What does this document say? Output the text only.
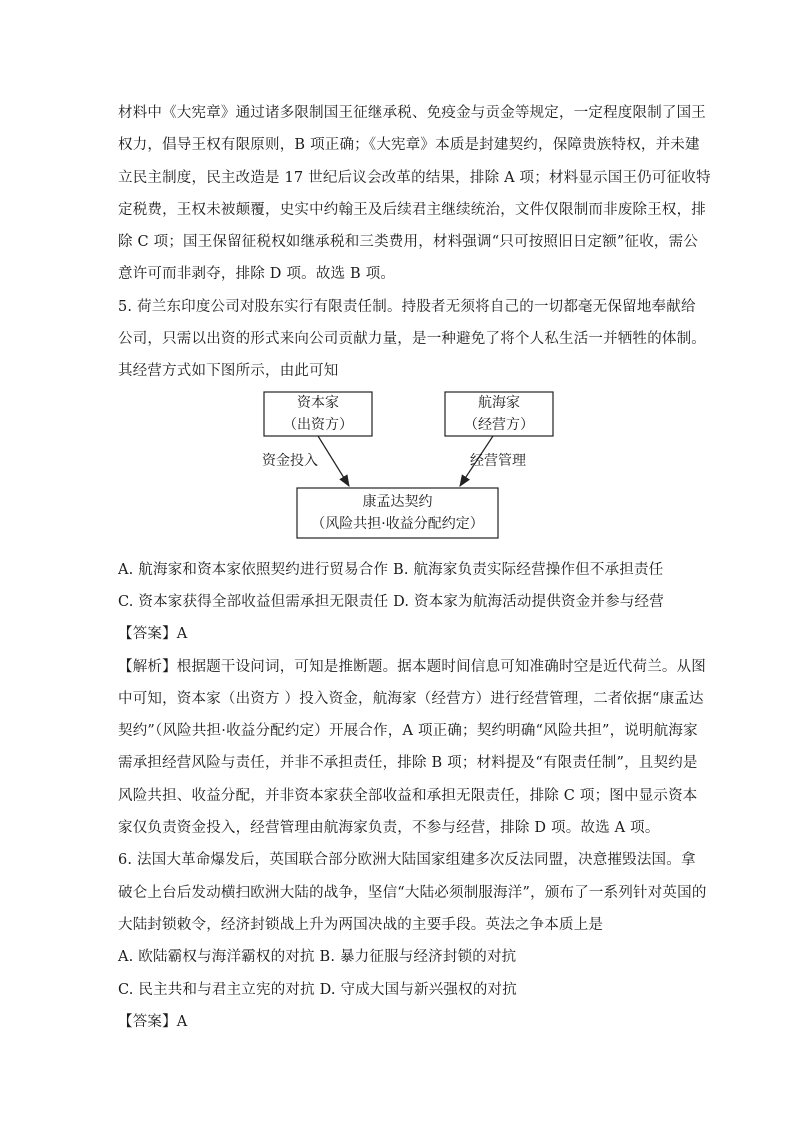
材料中《大宪章》通过诸多限制国王征继承税、免疫金与贡金等规定，一定程度限制了国王
权力，倡导王权有限原则，B 项正确；《大宪章》本质是封建契约，保障贵族特权，并未建
立民主制度，民主改造是 17 世纪后议会改革的结果，排除 A 项；材料显示国王仍可征收特
定税费，王权未被颠覆，史实中约翰王及后续君主继续统治，文件仅限制而非废除王权，排
除 C 项；国王保留征税权如继承税和三类费用，材料强调“只可按照旧日定额”征收，需公
意许可而非剥夺，排除 D 项。故选 B 项。
5. 荷兰东印度公司对股东实行有限责任制。持股者无须将自己的一切都毫无保留地奉献给
公司，只需以出资的形式来向公司贡献力量，是一种避免了将个人私生活一并牺牲的体制。
其经营方式如下图所示，由此可知
资本家
（出资方）
航海家
（经营方）
康孟达契约
（风险共担·收益分配约定）
资金投入	经营管理
A. 航海家和资本家依照契约进行贸易合作 B. 航海家负责实际经营操作但不承担责任
C. 资本家获得全部收益但需承担无限责任 D. 资本家为航海活动提供资金并参与经营
【答案】A
【解析】根据题干设问词，可知是推断题。据本题时间信息可知准确时空是近代荷兰。从图
中可知，资本家（出资方 ）投入资金，航海家（经营方）进行经营管理，二者依据“康孟达
契约”（风险共担·收益分配约定）开展合作，A 项正确；契约明确“风险共担”，说明航海家
需承担经营风险与责任，并非不承担责任，排除 B 项；材料提及“有限责任制”，且契约是
风险共担、收益分配，并非资本家获全部收益和承担无限责任，排除 C 项；图中显示资本
家仅负责资金投入，经营管理由航海家负责，不参与经营，排除 D 项。故选 A 项。
6. 法国大革命爆发后，英国联合部分欧洲大陆国家组建多次反法同盟，决意摧毁法国。拿
破仑上台后发动横扫欧洲大陆的战争，坚信“大陆必须制服海洋”，颁布了一系列针对英国的
大陆封锁敕令，经济封锁战上升为两国决战的主要手段。英法之争本质上是
A. 欧陆霸权与海洋霸权的对抗 B. 暴力征服与经济封锁的对抗
C. 民主共和与君主立宪的对抗 D. 守成大国与新兴强权的对抗
【答案】A
